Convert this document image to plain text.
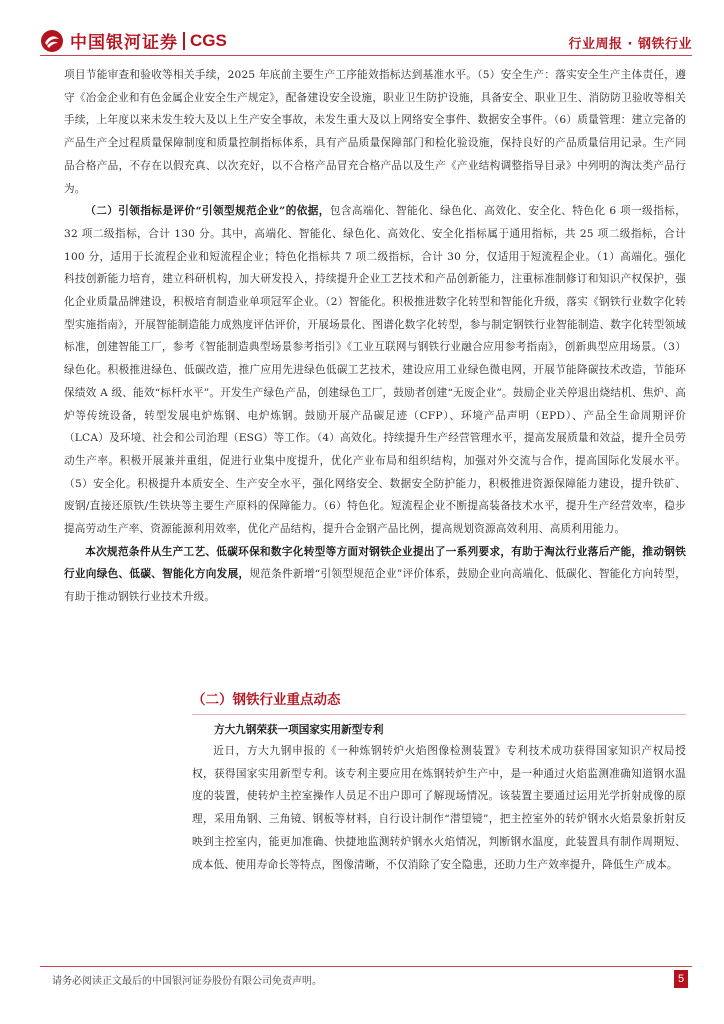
中国银河证券 CGS	行业周报 · 钢铁行业

项目节能审查和验收等相关手续，2025 年底前主要生产工序能效指标达到基准水平。（5）安全生产：落实安全生产主体责任，遵守《冶金企业和有色金属企业安全生产规定》，配备建设安全设施，职业卫生防护设施，具备安全、职业卫生、消防防卫验收等相关手续，上年度以来未发生较大及以上生产安全事故，未发生重大及以上网络安全事件、数据安全事件。（6）质量管理：建立完备的产品生产全过程质量保障制度和质量控制指标体系，具有产品质量保障部门和检化验设施，保持良好的产品质量信用记录。生产同品合格产品，不存在以假充真、以次充好，以不合格产品冒充合格产品以及生产《产业结构调整指导目录》中列明的淘汰类产品行为。

（二）引领指标是评价“引领型规范企业”的依据，包含高端化、智能化、绿色化、高效化、安全化、特色化 6 项一级指标，32 项二级指标，合计 130 分。其中，高端化、智能化、绿色化、高效化、安全化指标属于通用指标，共 25 项二级指标，合计 100 分，适用于长流程企业和短流程企业；特色化指标共 7 项二级指标，合计 30 分，仅适用于短流程企业。（1）高端化。强化科技创新能力培育，建立科研机构，加大研发投入，持续提升企业工艺技术和产品创新能力，注重标准制修订和知识产权保护，强化企业质量品牌建设，积极培育制造业单项冠军企业。（2）智能化。积极推进数字化转型和智能化升级，落实《钢铁行业数字化转型实施指南》，开展智能制造能力成熟度评估评价，开展场景化、图谱化数字化转型，参与制定钢铁行业智能制造、数字化转型领域标准，创建智能工厂，参考《智能制造典型场景参考指引》《工业互联网与钢铁行业融合应用参考指南》，创新典型应用场景。（3）绿色化。积极推进绿色、低碳改造，推广应用先进绿色低碳工艺技术，建设应用工业绿色微电网，开展节能降碳技术改造，节能环保绩效 A 级、能效“标杆水平”。开发生产绿色产品，创建绿色工厂，鼓励者创建“无废企业”。鼓励企业关停退出烧结机、焦炉、高炉等传统设备，转型发展电炉炼钢、电炉炼钢。鼓励开展产品碳足迹（CFP）、环境产品声明（EPD）、产品全生命周期评价（LCA）及环境、社会和公司治理（ESG）等工作。（4）高效化。持续提升生产经营管理水平，提高发展质量和效益，提升全员劳动生产率。积极开展兼并重组，促进行业集中度提升，优化产业布局和组织结构，加强对外交流与合作，提高国际化发展水平。（5）安全化。积极提升本质安全、生产安全水平，强化网络安全、数据安全防护能力，积极推进资源保障能力建设，提升铁矿、废钢/直接还原铁/生铁块等主要生产原料的保障能力。（6）特色化。短流程企业不断提高装备技术水平，提升生产经营效率，稳步提高劳动生产率、资源能源利用效率，优化产品结构，提升合金钢产品比例，提高规划资源高效利用、高质利用能力。

本次规范条件从生产工艺、低碳环保和数字化转型等方面对钢铁企业提出了一系列要求，有助于淘汰行业落后产能，推动钢铁行业向绿色、低碳、智能化方向发展，规范条件新增“引领型规范企业”评价体系，鼓励企业向高端化、低碳化、智能化方向转型，有助于推动钢铁行业技术升级。

（二）钢铁行业重点动态
方大九钢荣获一项国家实用新型专利

近日，方大九钢申报的《一种炼钢转炉火焰图像检测装置》专利技术成功获得国家知识产权局授权，获得国家实用新型专利。该专利主要应用在炼钢转炉生产中，是一种通过火焰监测准确知道钢水温度的装置，使转炉主控室操作人员足不出户即可了解现场情况。该装置主要通过运用光学折射成像的原理，采用角钢、三角镜、钢板等材料，自行设计制作“潜望镜”，把主控室外的转炉钢水火焰景象折射反映到主控室内，能更加准确、快捷地监测转炉钢水火焰情况，判断钢水温度，此装置具有制作周期短、成本低、使用寿命长等特点，图像清晰，不仅消除了安全隐患，还助力生产效率提升，降低生产成本。

请务必阅读正文最后的中国银河证券股份有限公司免责声明。	5
